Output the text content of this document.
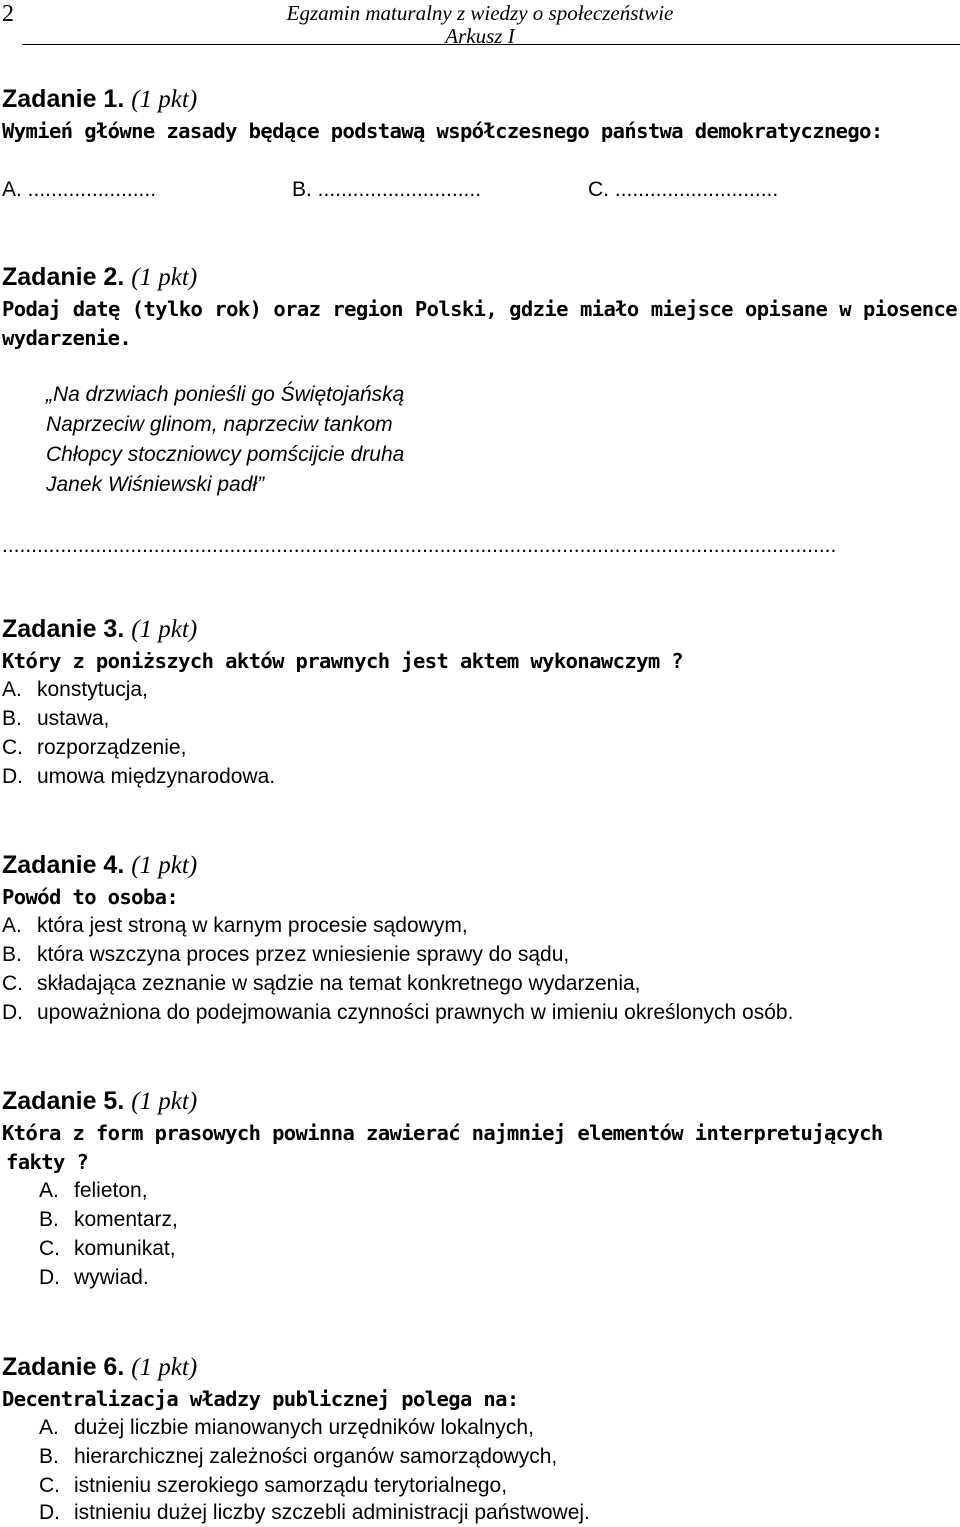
2	Egzamin maturalny z wiedzy o społeczeństwie
Arkusz I
Zadanie 1. (1 pkt)
Wymień główne zasady będące podstawą współczesnego państwa demokratycznego:
A. ......................	B. ............................	C. ............................
Zadanie 2. (1 pkt)
Podaj datę (tylko rok) oraz region Polski, gdzie miało miejsce opisane w piosence
wydarzenie.
„Na drzwiach ponieśli go Świętojańską
Naprzeciw glinom, naprzeciw tankom
Chłopcy stoczniowcy pomścijcie druha
Janek Wiśniewski padł”
...............................................................................................................................................
Zadanie 3. (1 pkt)
Który z poniższych aktów prawnych jest aktem wykonawczym ?
A. konstytucja,
B. ustawa,
C. rozporządzenie,
D. umowa międzynarodowa.
Zadanie 4. (1 pkt)
Powód to osoba:
A. która jest stroną w karnym procesie sądowym,
B. która wszczyna proces przez wniesienie sprawy do sądu,
C. składająca zeznanie w sądzie na temat konkretnego wydarzenia,
D. upoważniona do podejmowania czynności prawnych w imieniu określonych osób.
Zadanie 5. (1 pkt)
Która z form prasowych powinna zawierać najmniej elementów interpretujących
fakty ?
A. felieton,
B. komentarz,
C. komunikat,
D. wywiad.
Zadanie 6. (1 pkt)
Decentralizacja władzy publicznej polega na:
A. dużej liczbie mianowanych urzędników lokalnych,
B. hierarchicznej zależności organów samorządowych,
C. istnieniu szerokiego samorządu terytorialnego,
D. istnieniu dużej liczby szczebli administracji państwowej.
